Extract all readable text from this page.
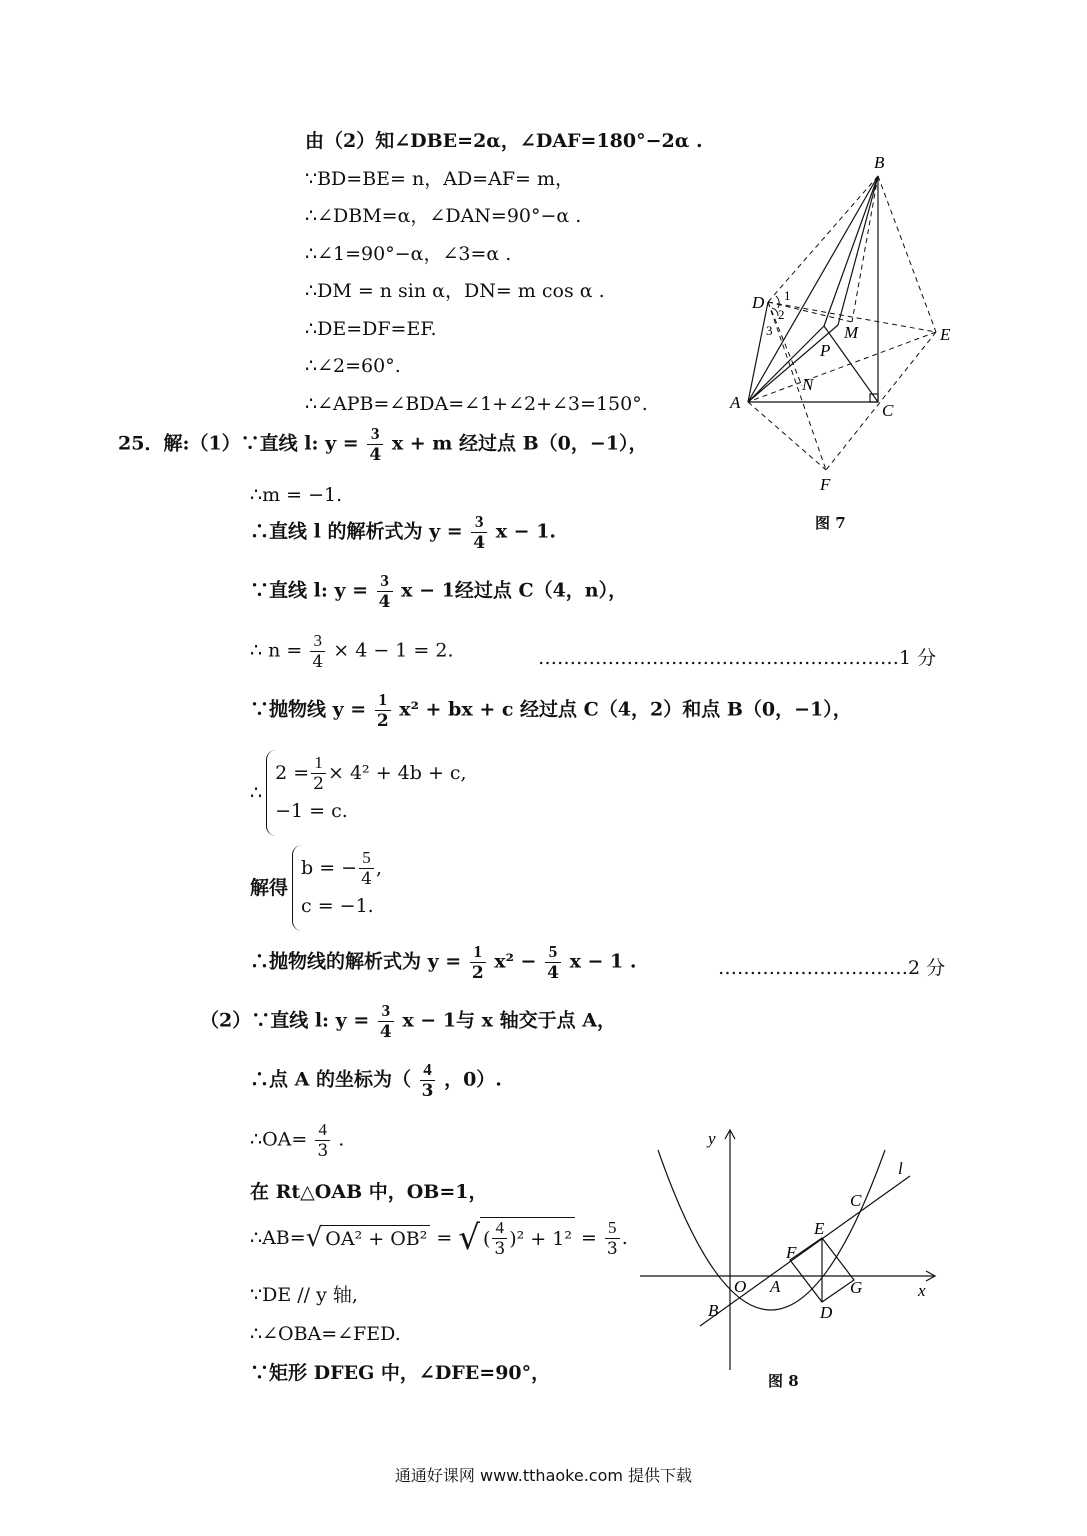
由（2）知∠DBE=2α，∠DAF=180°−2α .
∵BD=BE= n，AD=AF= m，
∴∠DBM=α，∠DAN=90°−α .
∴∠1=90°−α，∠3=α .
∴DM = n sin α，DN= m cos α .
∴DE=DF=EF.
∴∠2=60°.
∴∠APB=∠BDA=∠1+∠2+∠3=150°.
25．解:（1）∵直线 l: $y = \frac{3}{4}$ x + m 经过点 B（0，−1），
∴m = −1.
∴直线 l 的解析式为 $y = \frac{3}{4}$ x − 1.
∵直线 l: $y = \frac{3}{4}$ x − 1经过点 C（4，n），
∴ $n = \frac{3}{4} \times 4 - 1 = 2$.	…………………………………………………1 分
∵抛物线 $y = \frac{1}{2} x^2$ + bx + c 经过点 C（4，2）和点 B（0，−1），
∴
$2 = \frac{1}{2} \times 4^2 + 4b + c$,
−1 = c.
解得
b = − $\frac{5}{4}$ ,
c = −1.
∴抛物线的解析式为 $y = \frac{1}{2} x^2 - \frac{5}{4}$ x − 1 .	…………………………2 分
（2）∵直线 l: $y = \frac{3}{4}$ x − 1与 x 轴交于点 A，
∴点 A 的坐标为（ $\frac{4}{3}$ ，0）.
∴OA= $\frac{4}{3}$ .
在 Rt△OAB 中，OB=1，
∴AB= √ OA² + OB² = √ ( $\frac{4}{3} )^2 + 1^2 = \frac{5}{3}$ .
∵DE // y 轴,
∴∠OBA=∠FED.
∵矩形 DFEG 中，∠DFE=90°，
B
D
E
M
P
N
A	C
F
1
2
3
图 7
y
x
l
C
E
F
O A	G
B	D
图 8
通通好课网 www.tthaoke.com 提供下载
